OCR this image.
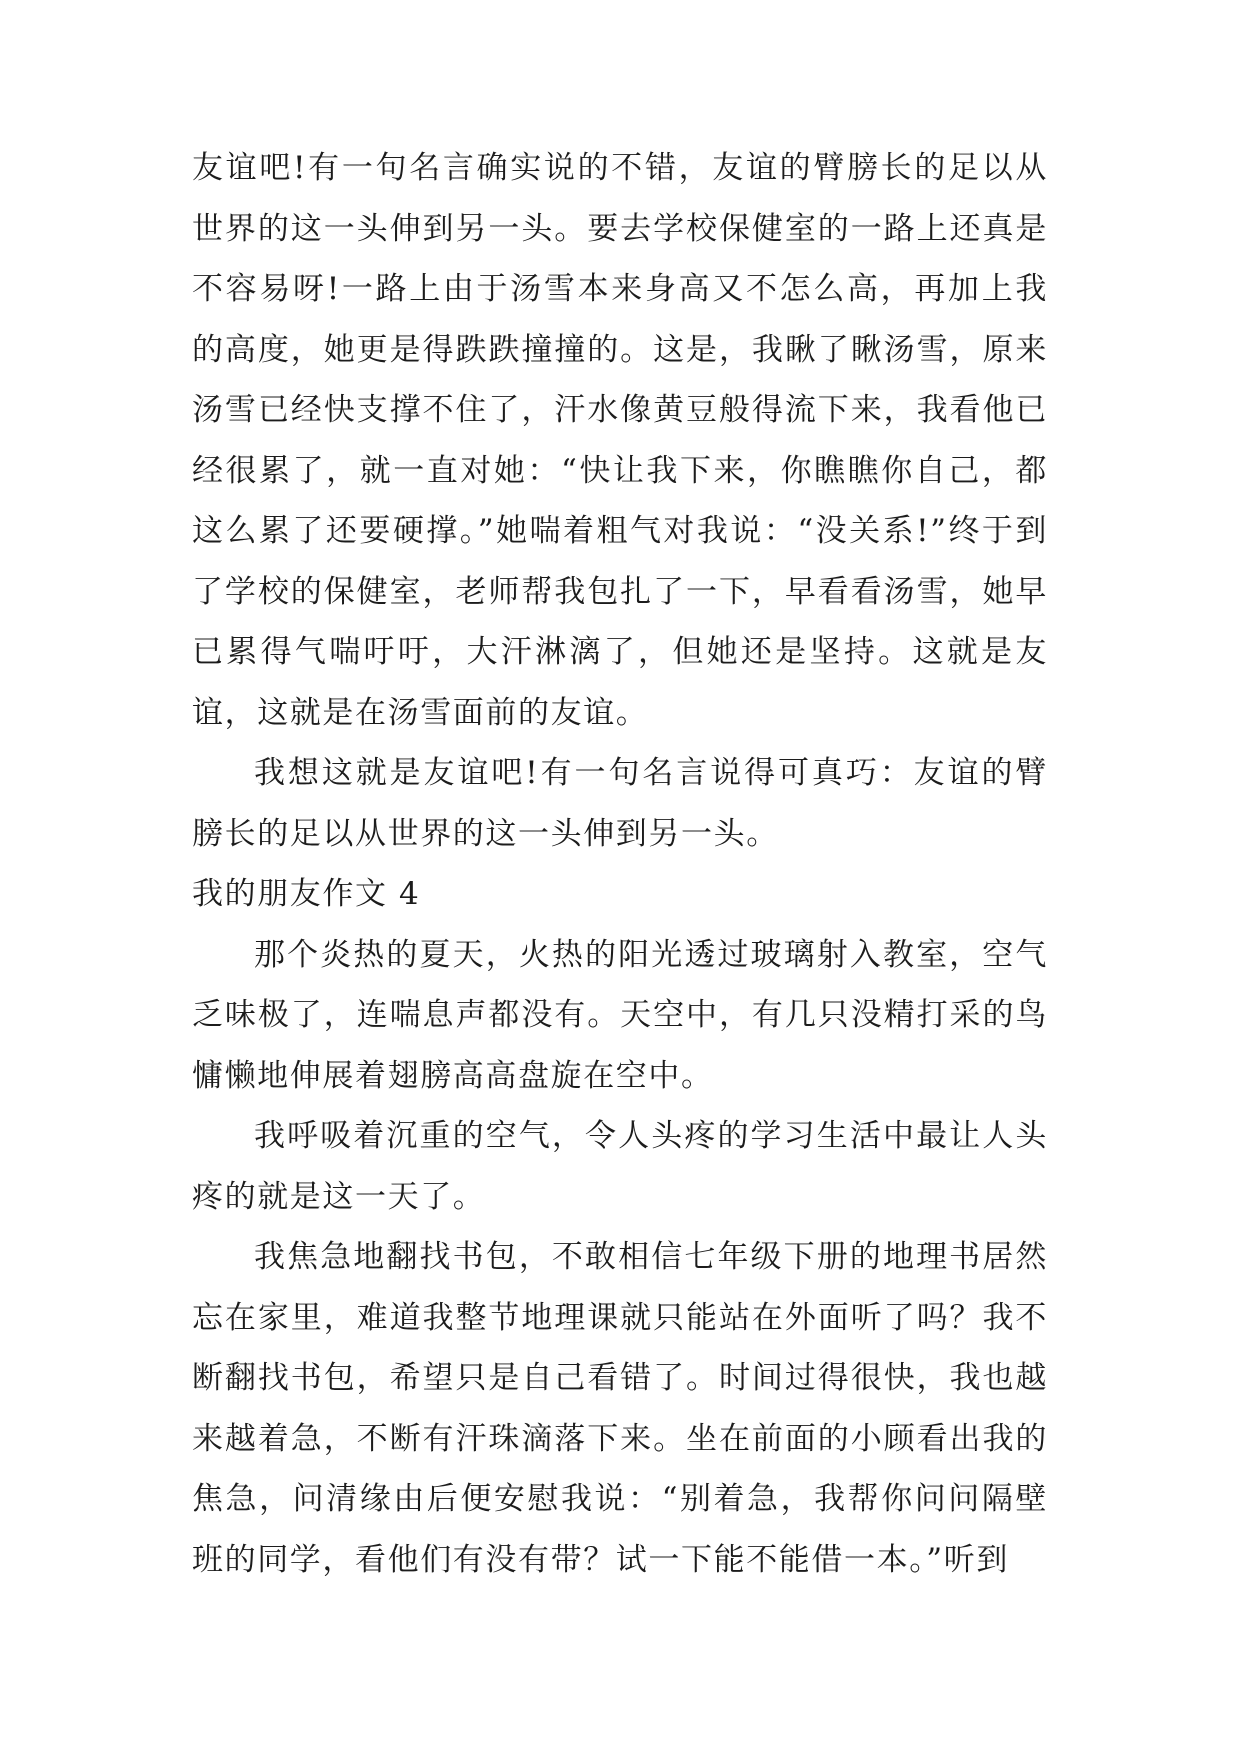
友谊吧!有一句名言确实说的不错，友谊的臂膀长的足以从世界的这一头伸到另一头。要去学校保健室的一路上还真是不容易呀!一路上由于汤雪本来身高又不怎么高，再加上我的高度，她更是得跌跌撞撞的。这是，我瞅了瞅汤雪，原来汤雪已经快支撑不住了，汗水像黄豆般得流下来，我看他已经很累了，就一直对她：“快让我下来，你瞧瞧你自己，都这么累了还要硬撑。”她喘着粗气对我说：“没关系!”终于到了学校的保健室，老师帮我包扎了一下，早看看汤雪，她早已累得气喘吁吁，大汗淋漓了，但她还是坚持。这就是友谊，这就是在汤雪面前的友谊。

我想这就是友谊吧!有一句名言说得可真巧：友谊的臂膀长的足以从世界的这一头伸到另一头。

我的朋友作文 4

那个炎热的夏天，火热的阳光透过玻璃射入教室，空气乏味极了，连喘息声都没有。天空中，有几只没精打采的鸟慵懒地伸展着翅膀高高盘旋在空中。

我呼吸着沉重的空气，令人头疼的学习生活中最让人头疼的就是这一天了。

我焦急地翻找书包，不敢相信七年级下册的地理书居然忘在家里，难道我整节地理课就只能站在外面听了吗？我不断翻找书包，希望只是自己看错了。时间过得很快，我也越来越着急，不断有汗珠滴落下来。坐在前面的小顾看出我的焦急，问清缘由后便安慰我说：“别着急，我帮你问问隔壁班的同学，看他们有没有带？试一下能不能借一本。”听到
